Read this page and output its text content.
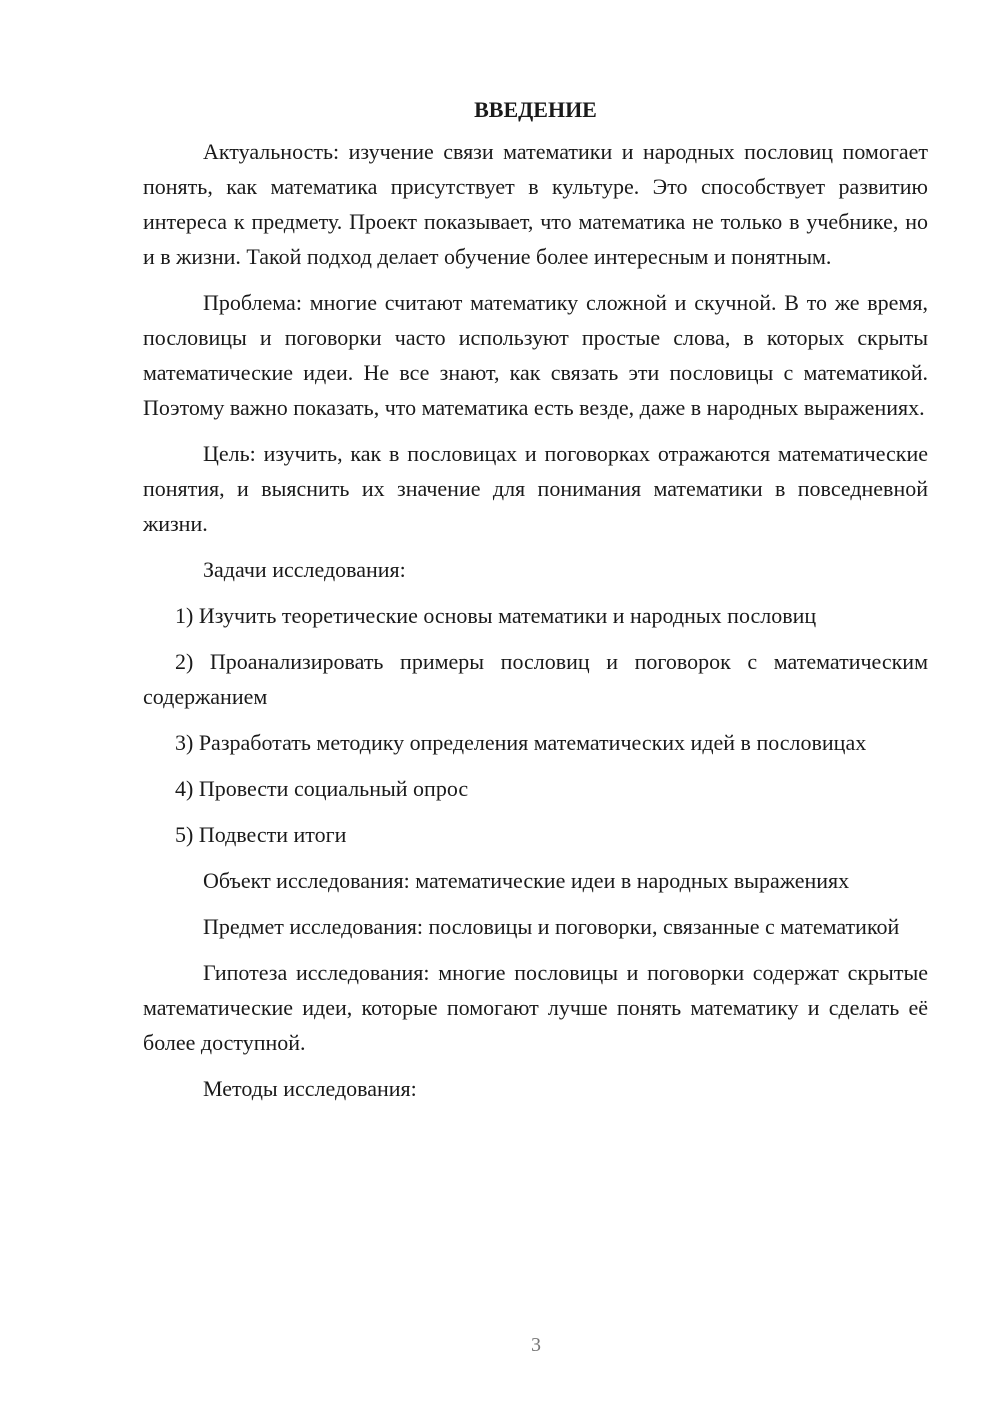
ВВЕДЕНИЕ

Актуальность: изучение связи математики и народных пословиц помогает понять, как математика присутствует в культуре. Это способствует развитию интереса к предмету. Проект показывает, что математика не только в учебнике, но и в жизни. Такой подход делает обучение более интересным и понятным.

Проблема: многие считают математику сложной и скучной. В то же время, пословицы и поговорки часто используют простые слова, в которых скрыты математические идеи. Не все знают, как связать эти пословицы с математикой. Поэтому важно показать, что математика есть везде, даже в народных выражениях.

Цель: изучить, как в пословицах и поговорках отражаются математические понятия, и выяснить их значение для понимания математики в повседневной жизни.

Задачи исследования:

1) Изучить теоретические основы математики и народных пословиц

2) Проанализировать примеры пословиц и поговорок с математическим содержанием

3) Разработать методику определения математических идей в пословицах

4) Провести социальный опрос

5) Подвести итоги

Объект исследования: математические идеи в народных выражениях

Предмет исследования: пословицы и поговорки, связанные с математикой

Гипотеза исследования: многие пословицы и поговорки содержат скрытые математические идеи, которые помогают лучше понять математику и сделать её более доступной.

Методы исследования:

3
